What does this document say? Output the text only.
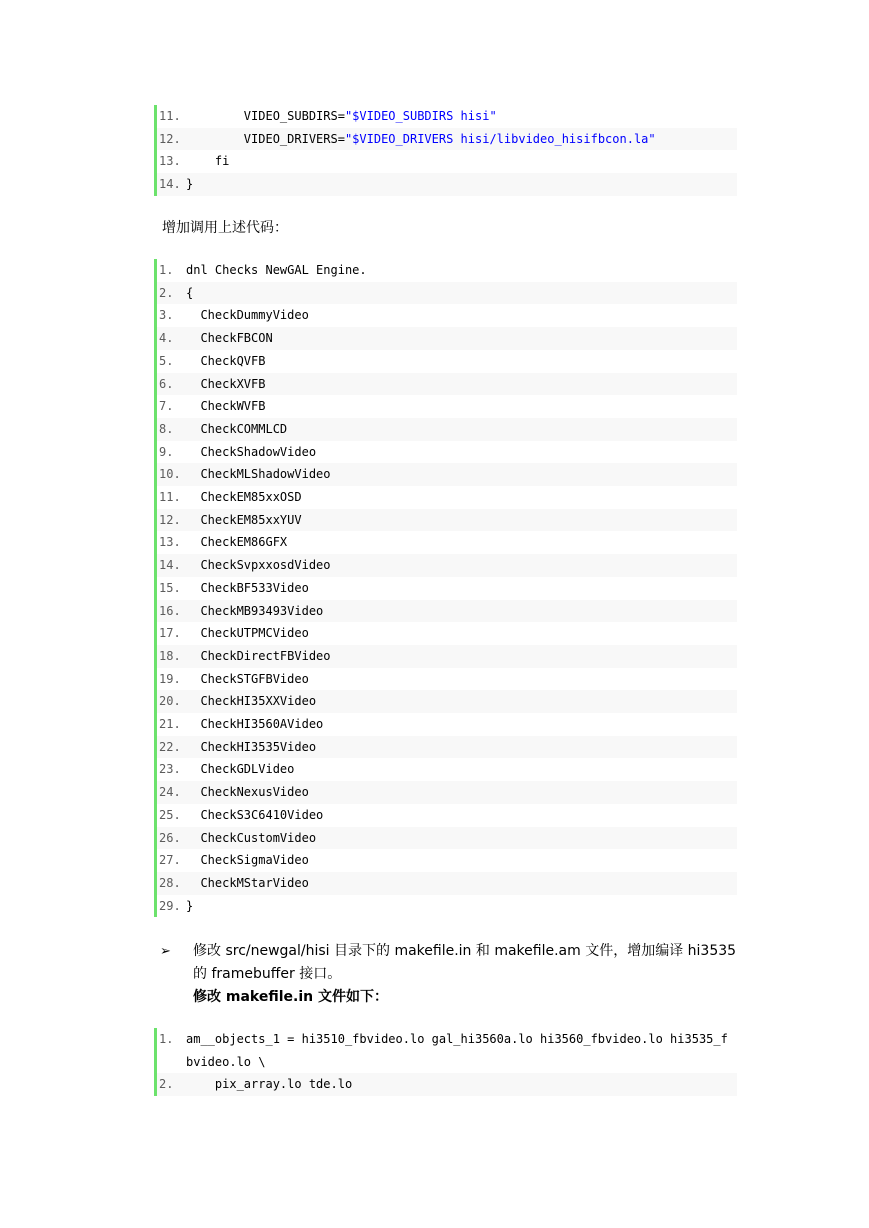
11. VIDEO_SUBDIRS="$VIDEO_SUBDIRS hisi"
12. VIDEO_DRIVERS="$VIDEO_DRIVERS hisi/libvideo_hisifbcon.la"
13. fi
14. }
增加调用上述代码：
1.	dnl Checks NewGAL Engine.
2.	{
3.	CheckDummyVideo
4.	CheckFBCON
5.	CheckQVFB
6.	CheckXVFB
7.	CheckWVFB
8.	CheckCOMMLCD
9.	CheckShadowVideo
10. CheckMLShadowVideo
11. CheckEM85xxOSD
12. CheckEM85xxYUV
13. CheckEM86GFX
14. CheckSvpxxosdVideo
15. CheckBF533Video
16. CheckMB93493Video
17. CheckUTPMCVideo
18. CheckDirectFBVideo
19. CheckSTGFBVideo
20. CheckHI35XXVideo
21. CheckHI3560AVideo
22. CheckHI3535Video
23. CheckGDLVideo
24. CheckNexusVideo
25. CheckS3C6410Video
26. CheckCustomVideo
27. CheckSigmaVideo
28. CheckMStarVideo
29. }
➢ 修改 src/newgal/hisi 目录下的 makefile.in 和 makefile.am 文件，增加编译 hi3535 的 framebuffer 接口。
修改 makefile.in 文件如下：
1.	am__objects_1 = hi3510_fbvideo.lo gal_hi3560a.lo hi3560_fbvideo.lo hi3535_fbvideo.lo \
2.	pix_array.lo tde.lo
